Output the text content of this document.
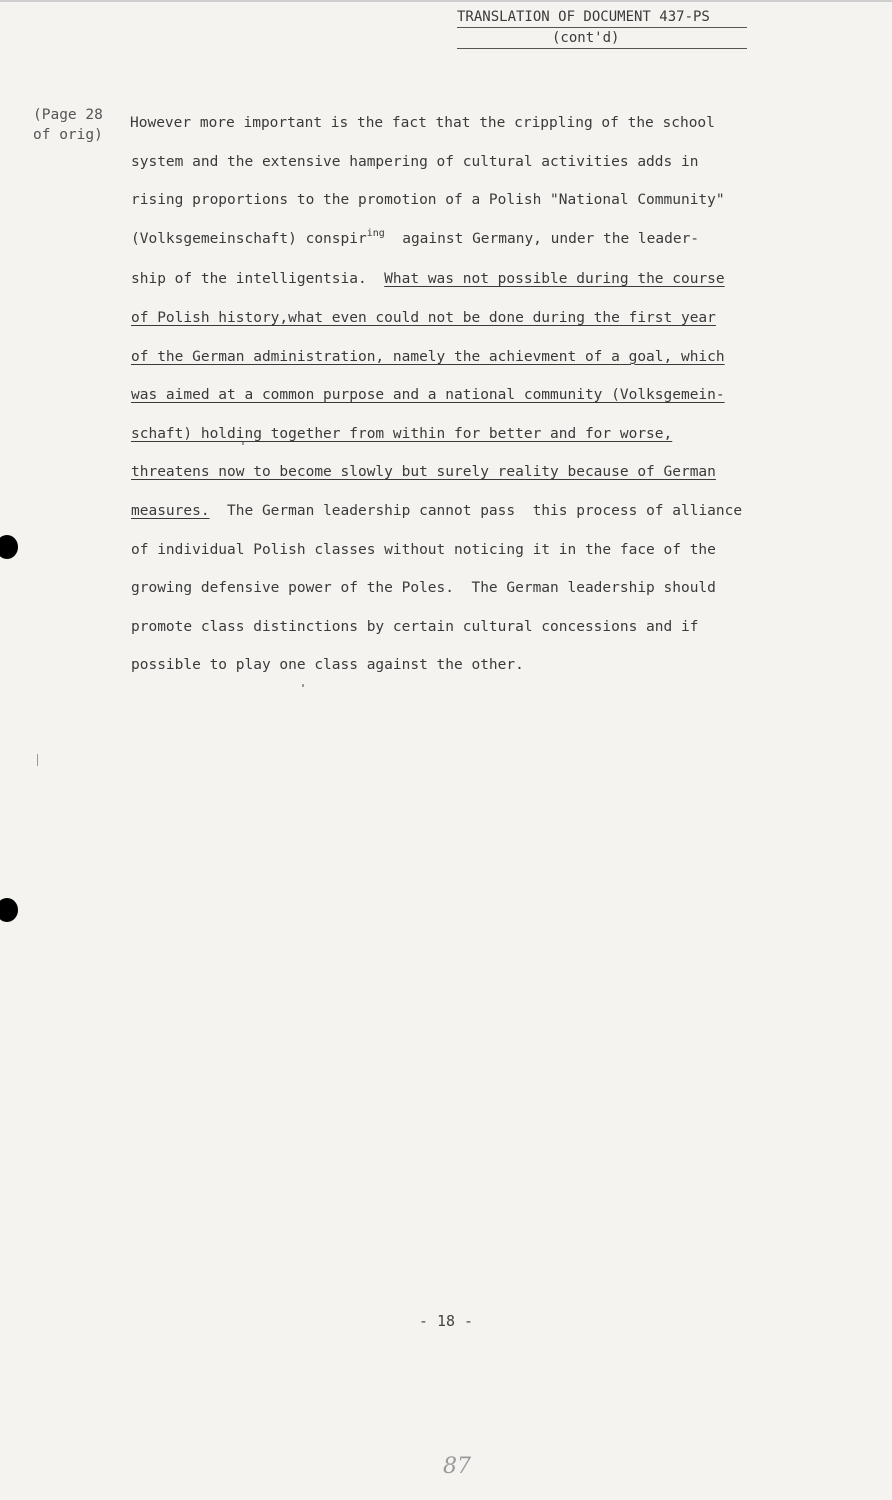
TRANSLATION OF DOCUMENT 437-PS
(cont'd)
(Page 28
of orig)
However more important is the fact that the crippling of the school
system and the extensive hampering of cultural activities adds in
rising proportions to the promotion of a Polish "National Community"
(Volksgemeinschaft) conspir$^{ing}$  against Germany, under the leader-
ship of the intelligentsia.  What was not possible during the course
of Polish history,what even could not be done during the first year
of the German administration, namely the achievment of a goal, which
was aimed at a common purpose and a national community (Volksgemein-
schaft) holding together from within for better and for worse,
threatens now to become slowly but surely reality because of German
measures.  The German leadership cannot pass  this process of alliance
of individual Polish classes without noticing it in the face of the
growing defensive power of the Poles.  The German leadership should
promote class distinctions by certain cultural concessions and if
possible to play one class against the other.
- 18 -
87
